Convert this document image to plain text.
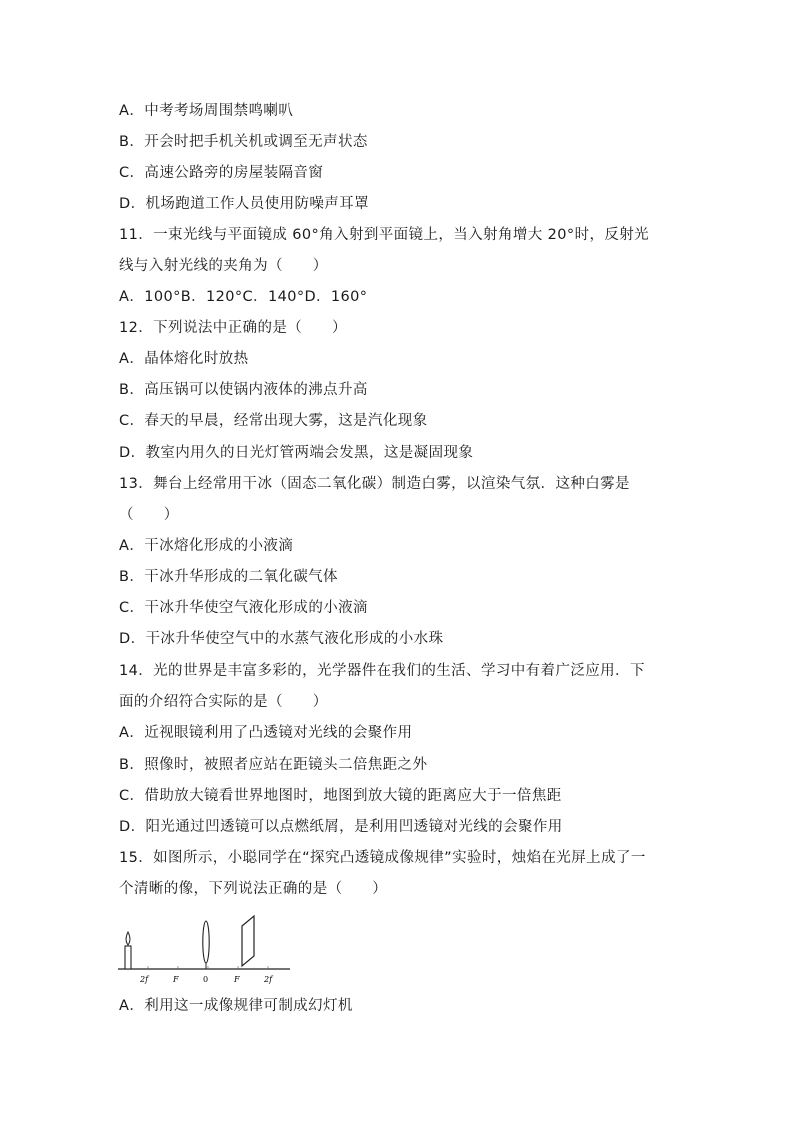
A．中考考场周围禁鸣喇叭
B．开会时把手机关机或调至无声状态
C．高速公路旁的房屋装隔音窗
D．机场跑道工作人员使用防噪声耳罩
11．一束光线与平面镜成 60°角入射到平面镜上，当入射角增大 20°时，反射光
线与入射光线的夹角为（　　）
A．100°B．120°C．140°D．160°
12．下列说法中正确的是（　　）
A．晶体熔化时放热
B．高压锅可以使锅内液体的沸点升高
C．春天的早晨，经常出现大雾，这是汽化现象
D．教室内用久的日光灯管两端会发黑，这是凝固现象
13．舞台上经常用干冰（固态二氧化碳）制造白雾，以渲染气氛．这种白雾是
（　　）
A．干冰熔化形成的小液滴
B．干冰升华形成的二氧化碳气体
C．干冰升华使空气液化形成的小液滴
D．干冰升华使空气中的水蒸气液化形成的小水珠
14．光的世界是丰富多彩的，光学器件在我们的生活、学习中有着广泛应用．下
面的介绍符合实际的是（　　）
A．近视眼镜利用了凸透镜对光线的会聚作用
B．照像时，被照者应站在距镜头二倍焦距之外
C．借助放大镜看世界地图时，地图到放大镜的距离应大于一倍焦距
D．阳光通过凹透镜可以点燃纸屑，是利用凹透镜对光线的会聚作用
15．如图所示，小聪同学在“探究凸透镜成像规律”实验时，烛焰在光屏上成了一
个清晰的像，下列说法正确的是（　　）
2f	F	0	F	2f
A．利用这一成像规律可制成幻灯机
